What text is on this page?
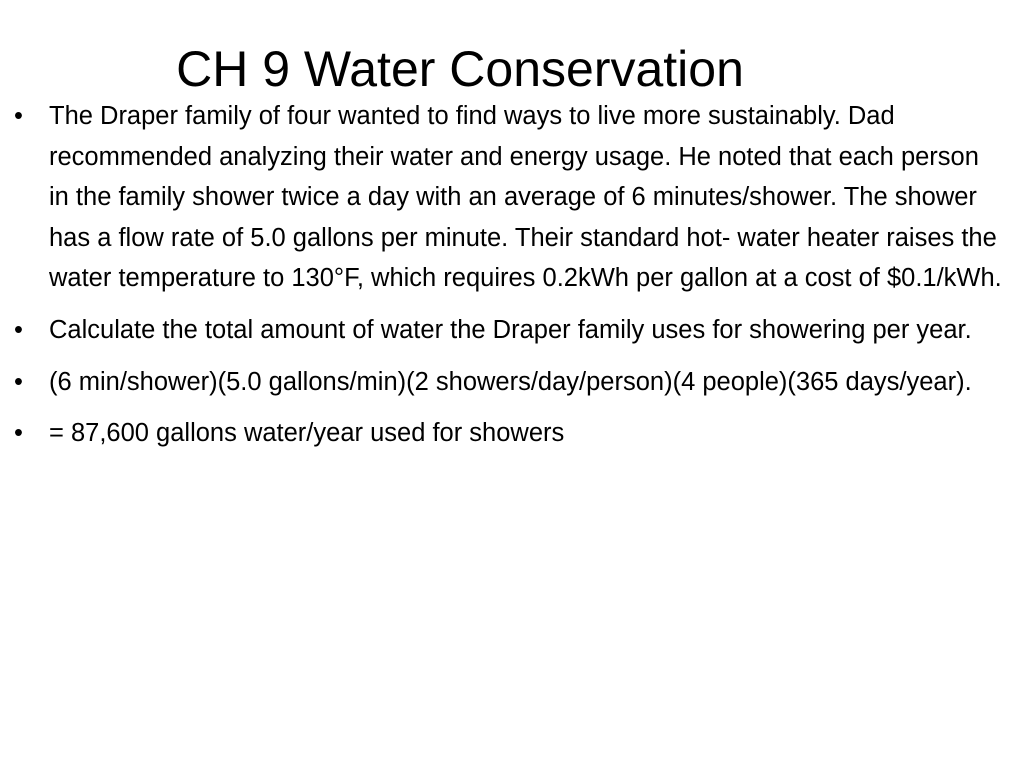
CH 9 Water Conservation
•	The Draper family of four wanted to find ways to live more sustainably. Dad recommended analyzing their water and energy usage. He noted that each person in the family shower twice a day with an average of 6 minutes/shower. The shower has a flow rate of 5.0 gallons per minute. Their standard hot- water heater raises the water temperature to 130°F, which requires 0.2kWh per gallon at a cost of $0.1/kWh.
•	Calculate the total amount of water the Draper family uses for showering per year.
•	(6 min/shower)(5.0 gallons/min)(2 showers/day/person)(4 people)(365 days/year).
•	= 87,600 gallons water/year used for showers
